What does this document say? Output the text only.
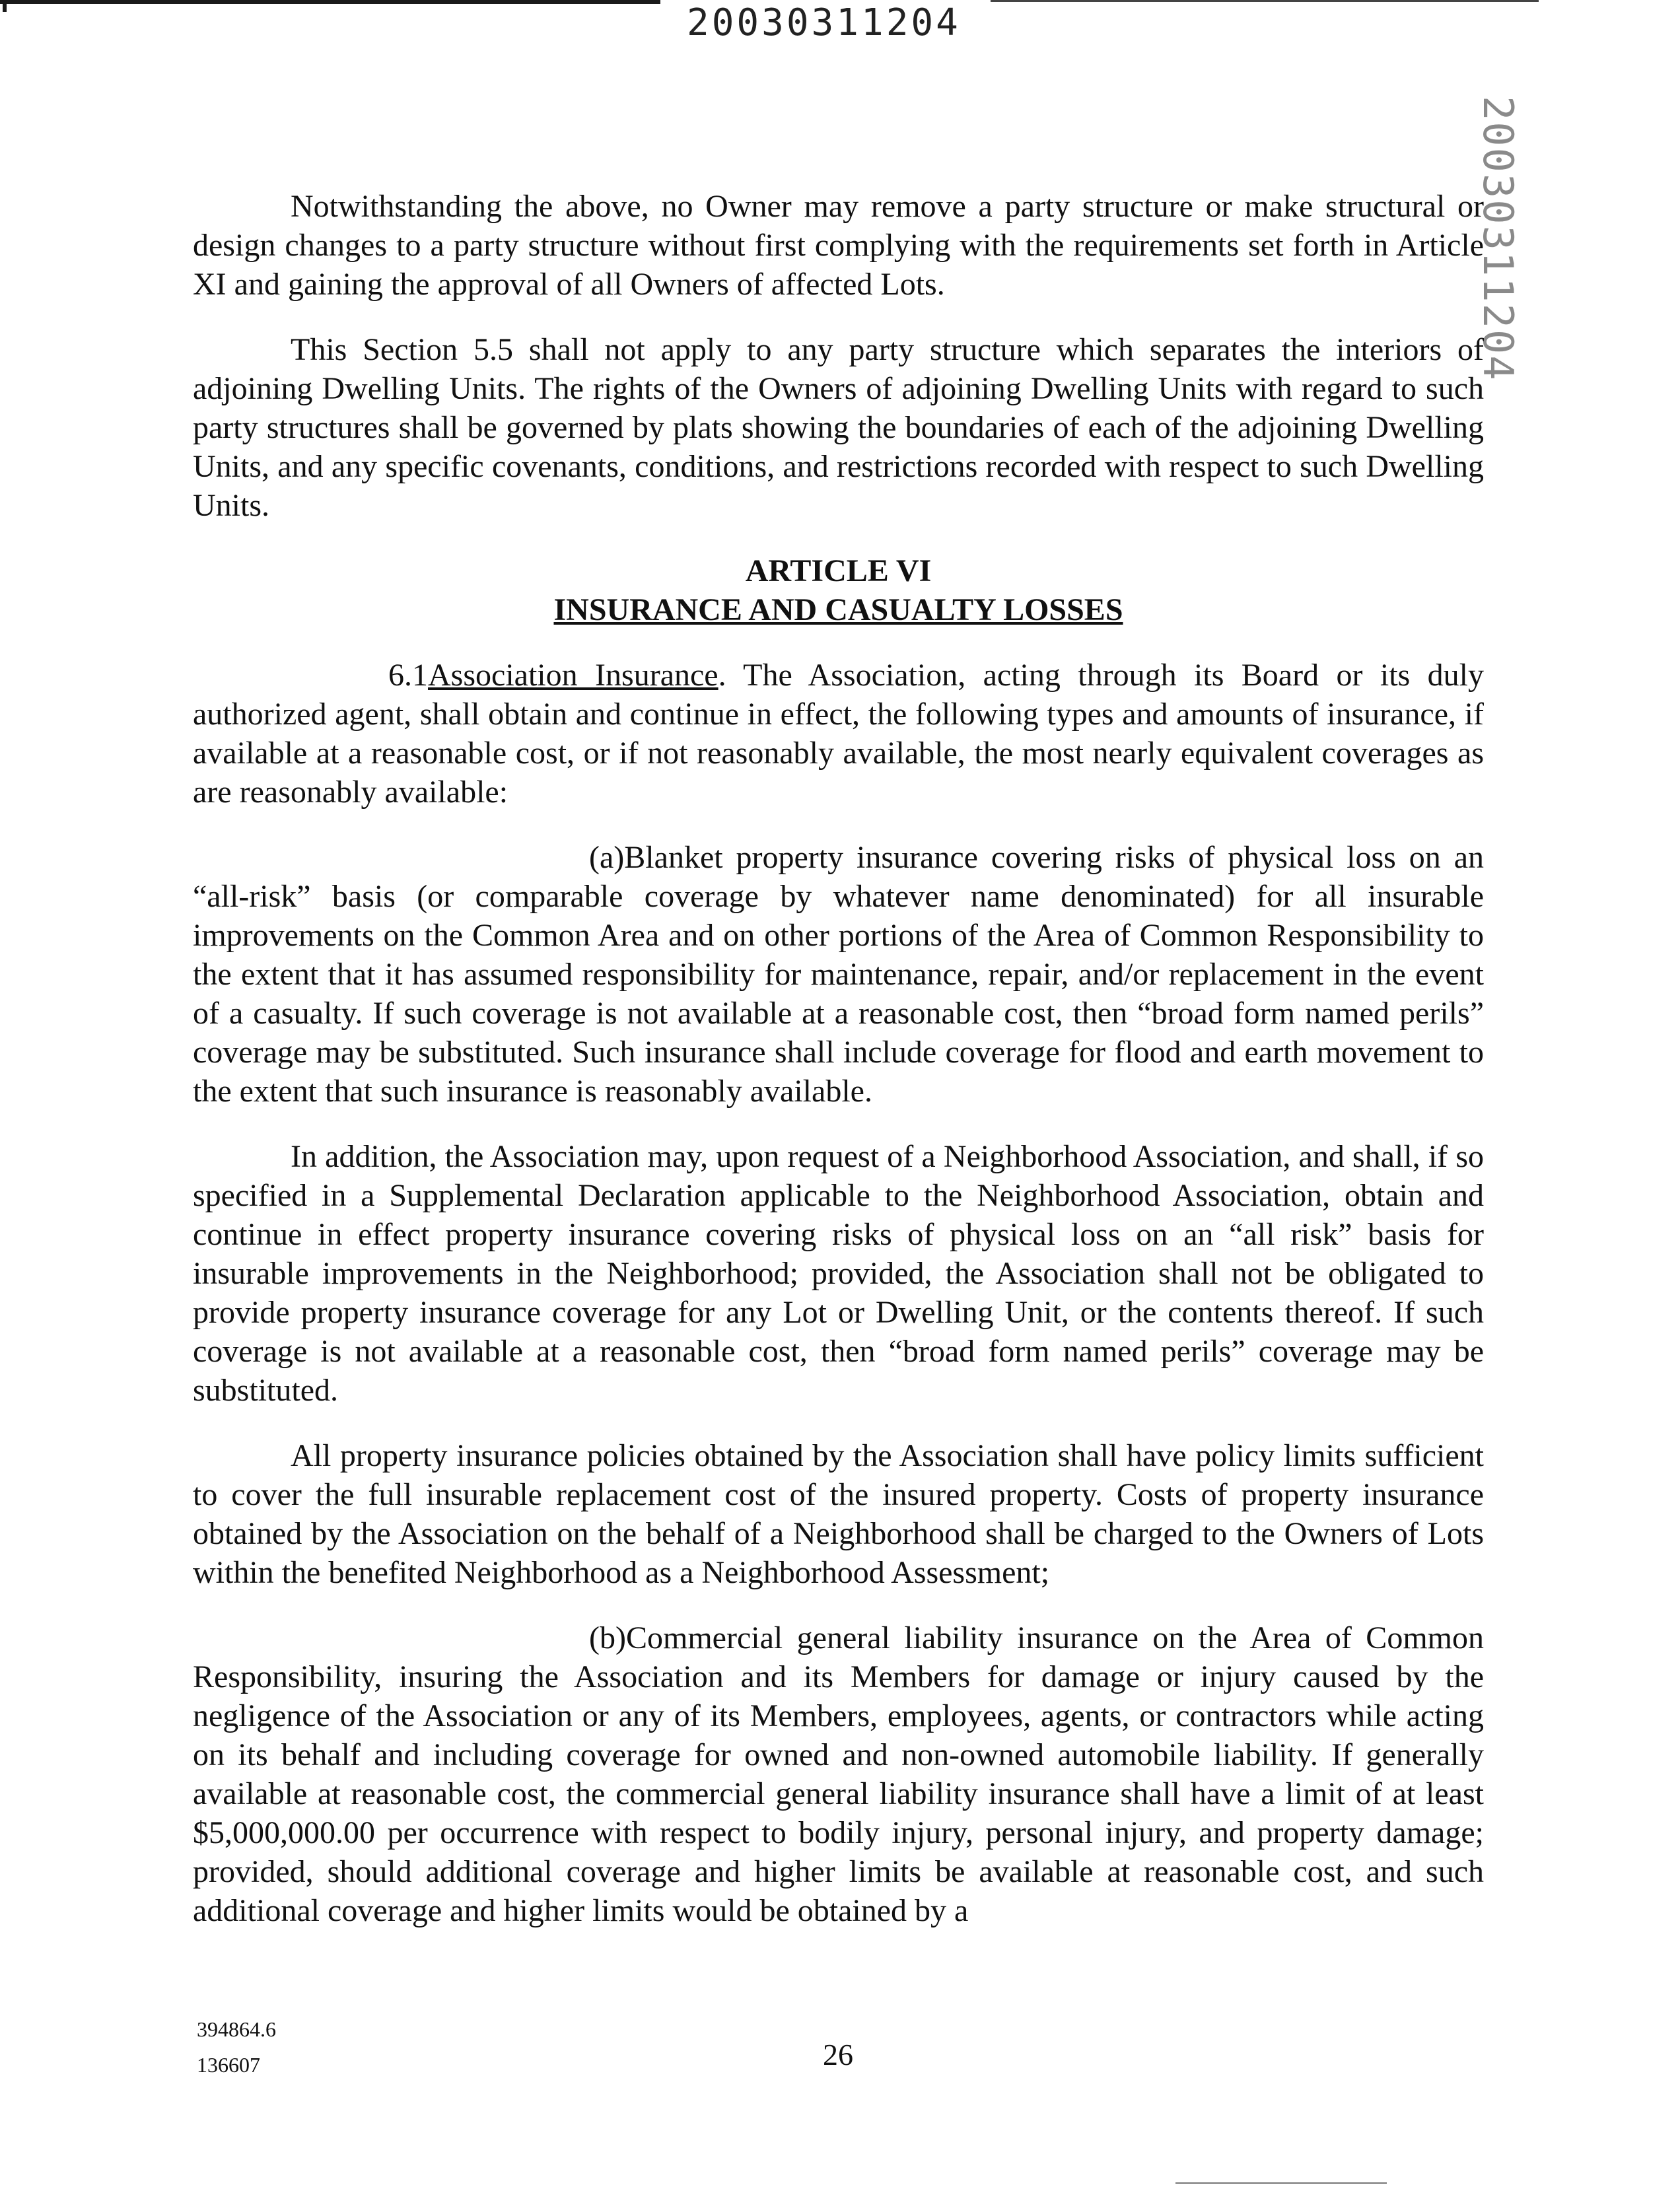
20030311204
20030311204

Notwithstanding the above, no Owner may remove a party structure or make structural or design changes to a party structure without first complying with the requirements set forth in Article XI and gaining the approval of all Owners of affected Lots.

This Section 5.5 shall not apply to any party structure which separates the interiors of adjoining Dwelling Units. The rights of the Owners of adjoining Dwelling Units with regard to such party structures shall be governed by plats showing the boundaries of each of the adjoining Dwelling Units, and any specific covenants, conditions, and restrictions recorded with respect to such Dwelling Units.

ARTICLE VI
INSURANCE AND CASUALTY LOSSES

6.1Association Insurance. The Association, acting through its Board or its duly authorized agent, shall obtain and continue in effect, the following types and amounts of insurance, if available at a reasonable cost, or if not reasonably available, the most nearly equivalent coverages as are reasonably available:

(a)Blanket property insurance covering risks of physical loss on an “all-risk” basis (or comparable coverage by whatever name denominated) for all insurable improvements on the Common Area and on other portions of the Area of Common Responsibility to the extent that it has assumed responsibility for maintenance, repair, and/or replacement in the event of a casualty. If such coverage is not available at a reasonable cost, then “broad form named perils” coverage may be substituted. Such insurance shall include coverage for flood and earth movement to the extent that such insurance is reasonably available.

In addition, the Association may, upon request of a Neighborhood Association, and shall, if so specified in a Supplemental Declaration applicable to the Neighborhood Association, obtain and continue in effect property insurance covering risks of physical loss on an “all risk” basis for insurable improvements in the Neighborhood; provided, the Association shall not be obligated to provide property insurance coverage for any Lot or Dwelling Unit, or the contents thereof. If such coverage is not available at a reasonable cost, then “broad form named perils” coverage may be substituted.

All property insurance policies obtained by the Association shall have policy limits sufficient to cover the full insurable replacement cost of the insured property. Costs of property insurance obtained by the Association on the behalf of a Neighborhood shall be charged to the Owners of Lots within the benefited Neighborhood as a Neighborhood Assessment;

(b)Commercial general liability insurance on the Area of Common Responsibility, insuring the Association and its Members for damage or injury caused by the negligence of the Association or any of its Members, employees, agents, or contractors while acting on its behalf and including coverage for owned and non-owned automobile liability. If generally available at reasonable cost, the commercial general liability insurance shall have a limit of at least $5,000,000.00 per occurrence with respect to bodily injury, personal injury, and property damage; provided, should additional coverage and higher limits be available at reasonable cost, and such additional coverage and higher limits would be obtained by a

394864.6
136607	26
